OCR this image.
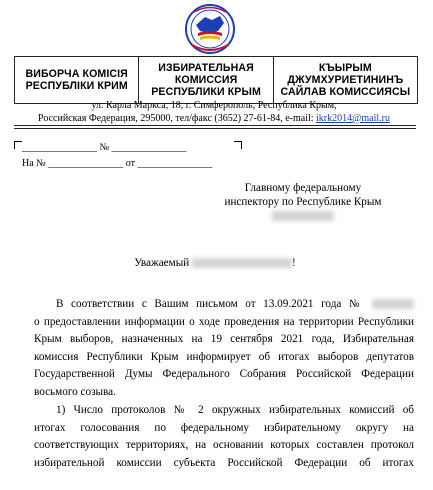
ВИБОРЧА КОМІСІЯ
РЕСПУБЛІКИ КРИМ
ИЗБИРАТЕЛЬНАЯ
КОМИССИЯ
РЕСПУБЛИКИ КРЫМ
КЪЫРЫМ
ДЖУМХУРИЕТИНИНЪ
САЙЛАВ КОМИССИЯСЫ
ул. Карла Маркса, 18, г. Симферополь, Республика Крым,
Российская Федерация, 295000, тел/факс (3652) 27-61-84, e-mail: ikrk2014@mail.ru
_______________ № _______________
На № _______________ от _______________
Главному федеральному
инспектору по Республике Крым
Уважаемый	!
В соответствии с Вашим письмом от 13.09.2021 года №
о предоставлении информации о ходе проведения на территории Республики
Крым выборов, назначенных на 19 сентября 2021 года, Избирательная
комиссия Республики Крым информирует об итогах выборов депутатов
Государственной Думы Федерального Собрания Российской Федерации
восьмого созыва.
1) Число протоколов № 2 окружных избирательных комиссий об
итогах голосования по федеральному избирательному округу на
соответствующих территориях, на основании которых составлен протокол
избирательной комиссии субъекта Российской Федерации об итогах
